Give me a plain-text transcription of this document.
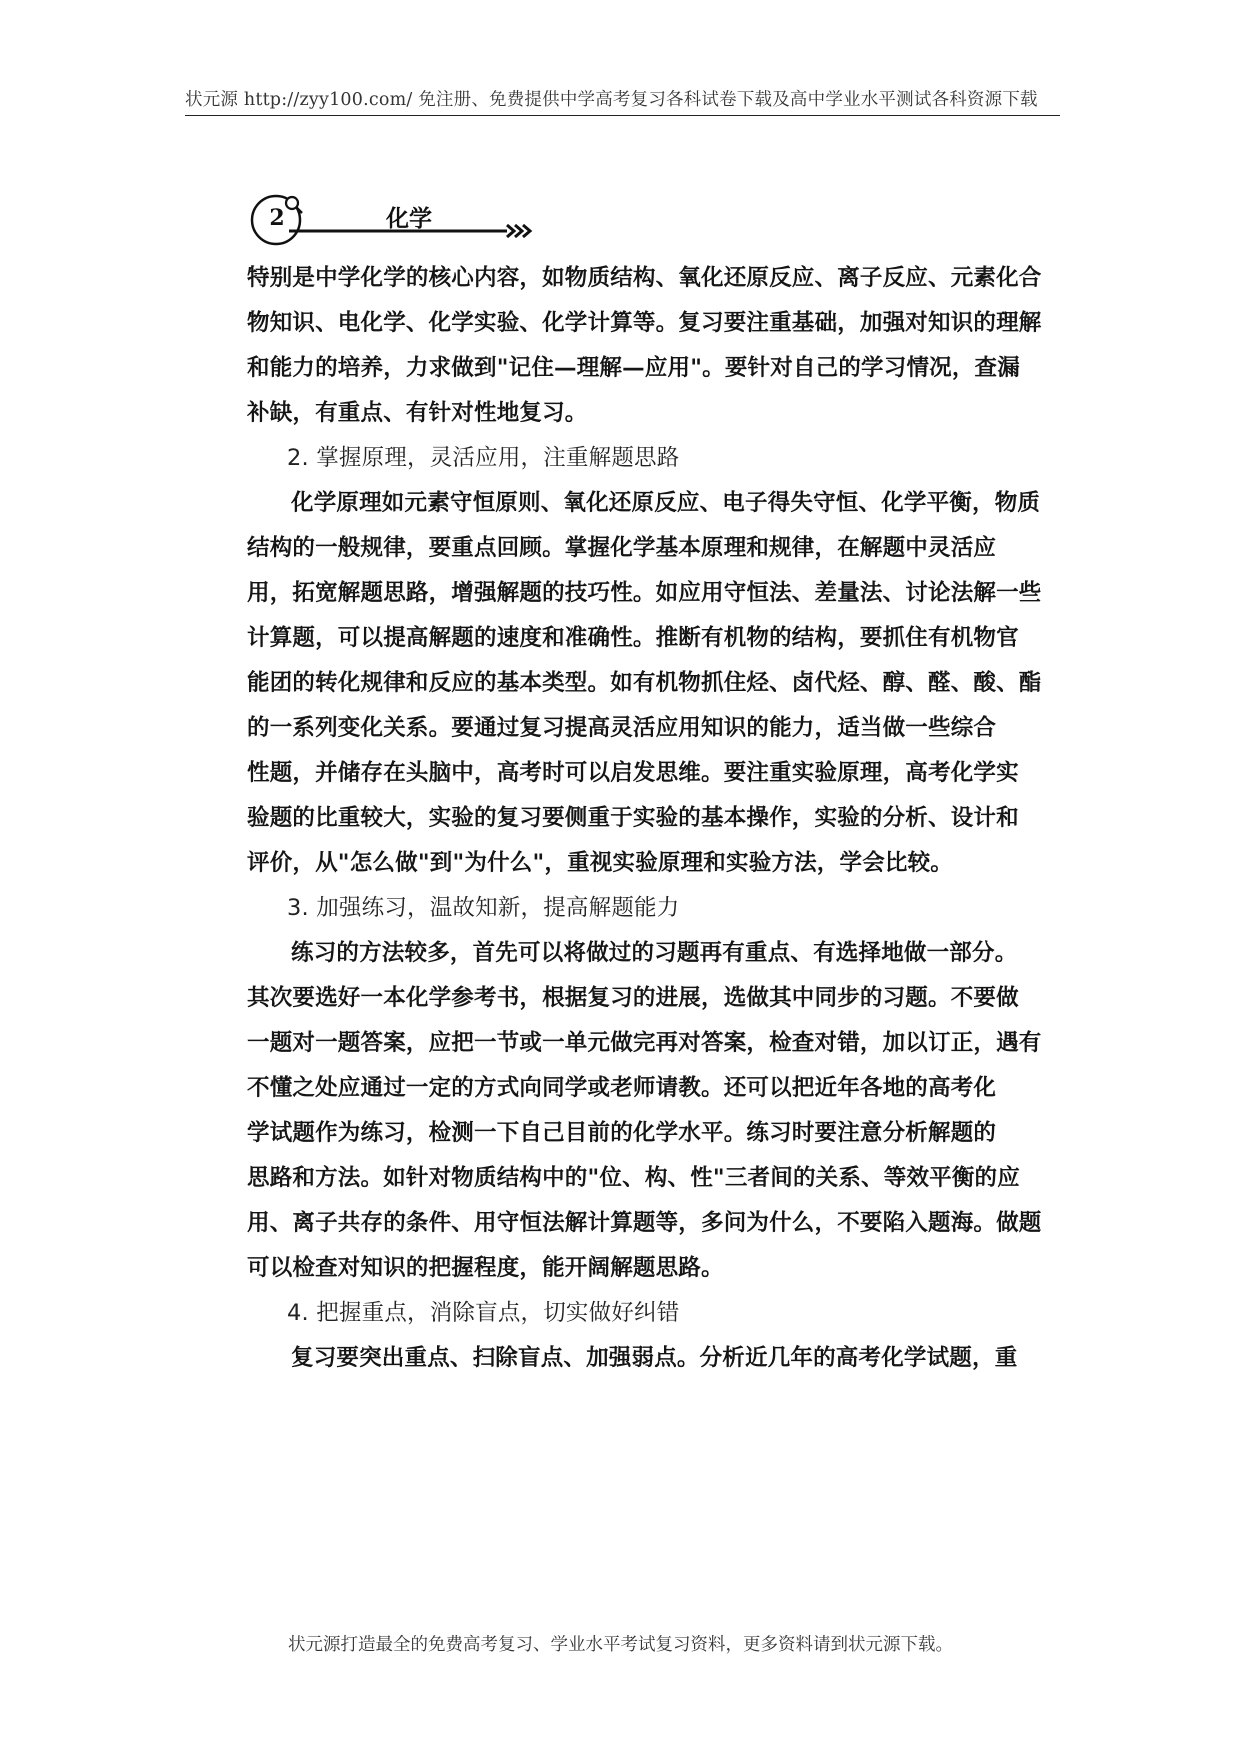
状元源 http://zyy100.com/ 免注册、免费提供中学高考复习各科试卷下载及高中学业水平测试各科资源下载
2	化学
特别是中学化学的核心内容，如物质结构、氧化还原反应、离子反应、元素化合
物知识、电化学、化学实验、化学计算等。复习要注重基础，加强对知识的理解
和能力的培养，力求做到"记住—理解—应用"。要针对自己的学习情况，查漏
补缺，有重点、有针对性地复习。
2. 掌握原理，灵活应用，注重解题思路
化学原理如元素守恒原则、氧化还原反应、电子得失守恒、化学平衡，物质
结构的一般规律，要重点回顾。掌握化学基本原理和规律，在解题中灵活应
用，拓宽解题思路，增强解题的技巧性。如应用守恒法、差量法、讨论法解一些
计算题，可以提高解题的速度和准确性。推断有机物的结构，要抓住有机物官
能团的转化规律和反应的基本类型。如有机物抓住烃、卤代烃、醇、醛、酸、酯
的一系列变化关系。要通过复习提高灵活应用知识的能力，适当做一些综合
性题，并储存在头脑中，高考时可以启发思维。要注重实验原理，高考化学实
验题的比重较大，实验的复习要侧重于实验的基本操作，实验的分析、设计和
评价，从"怎么做"到"为什么"，重视实验原理和实验方法，学会比较。
3. 加强练习，温故知新，提高解题能力
练习的方法较多，首先可以将做过的习题再有重点、有选择地做一部分。
其次要选好一本化学参考书，根据复习的进展，选做其中同步的习题。不要做
一题对一题答案，应把一节或一单元做完再对答案，检查对错，加以订正，遇有
不懂之处应通过一定的方式向同学或老师请教。还可以把近年各地的高考化
学试题作为练习，检测一下自己目前的化学水平。练习时要注意分析解题的
思路和方法。如针对物质结构中的"位、构、性"三者间的关系、等效平衡的应
用、离子共存的条件、用守恒法解计算题等，多问为什么，不要陷入题海。做题
可以检查对知识的把握程度，能开阔解题思路。
4. 把握重点，消除盲点，切实做好纠错
复习要突出重点、扫除盲点、加强弱点。分析近几年的高考化学试题，重
状元源打造最全的免费高考复习、学业水平考试复习资料，更多资料请到状元源下载。
